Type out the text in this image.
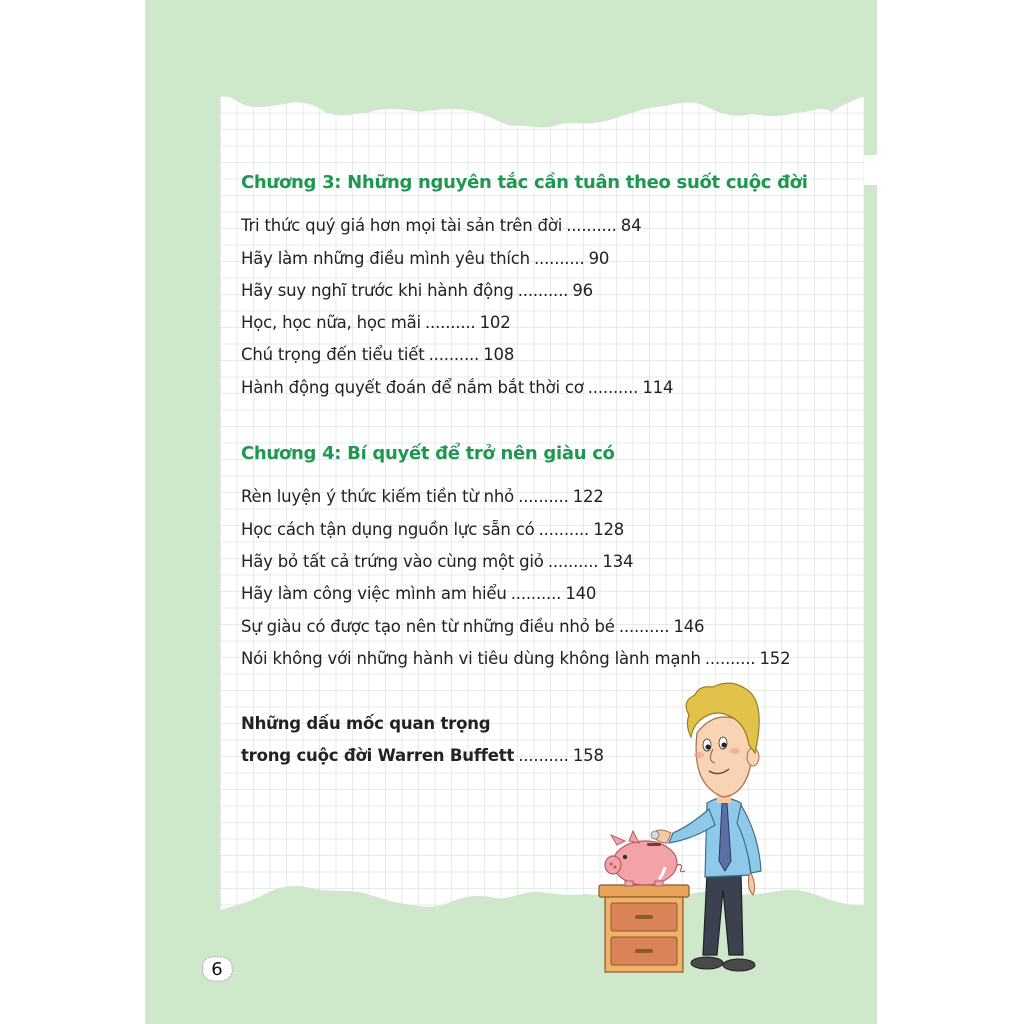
Chương 3: Những nguyên tắc cần tuân theo suốt cuộc đời
Tri thức quý giá hơn mọi tài sản trên đời .......... 84
Hãy làm những điều mình yêu thích .......... 90
Hãy suy nghĩ trước khi hành động .......... 96
Học, học nữa, học mãi .......... 102
Chú trọng đến tiểu tiết .......... 108
Hành động quyết đoán để nắm bắt thời cơ .......... 114
Chương 4: Bí quyết để trở nên giàu có
Rèn luyện ý thức kiếm tiền từ nhỏ .......... 122
Học cách tận dụng nguồn lực sẵn có .......... 128
Hãy bỏ tất cả trứng vào cùng một giỏ .......... 134
Hãy làm công việc mình am hiểu .......... 140
Sự giàu có được tạo nên từ những điều nhỏ bé .......... 146
Nói không với những hành vi tiêu dùng không lành mạnh .......... 152
Những dấu mốc quan trọng
trong cuộc đời Warren Buffett .......... 158
6
